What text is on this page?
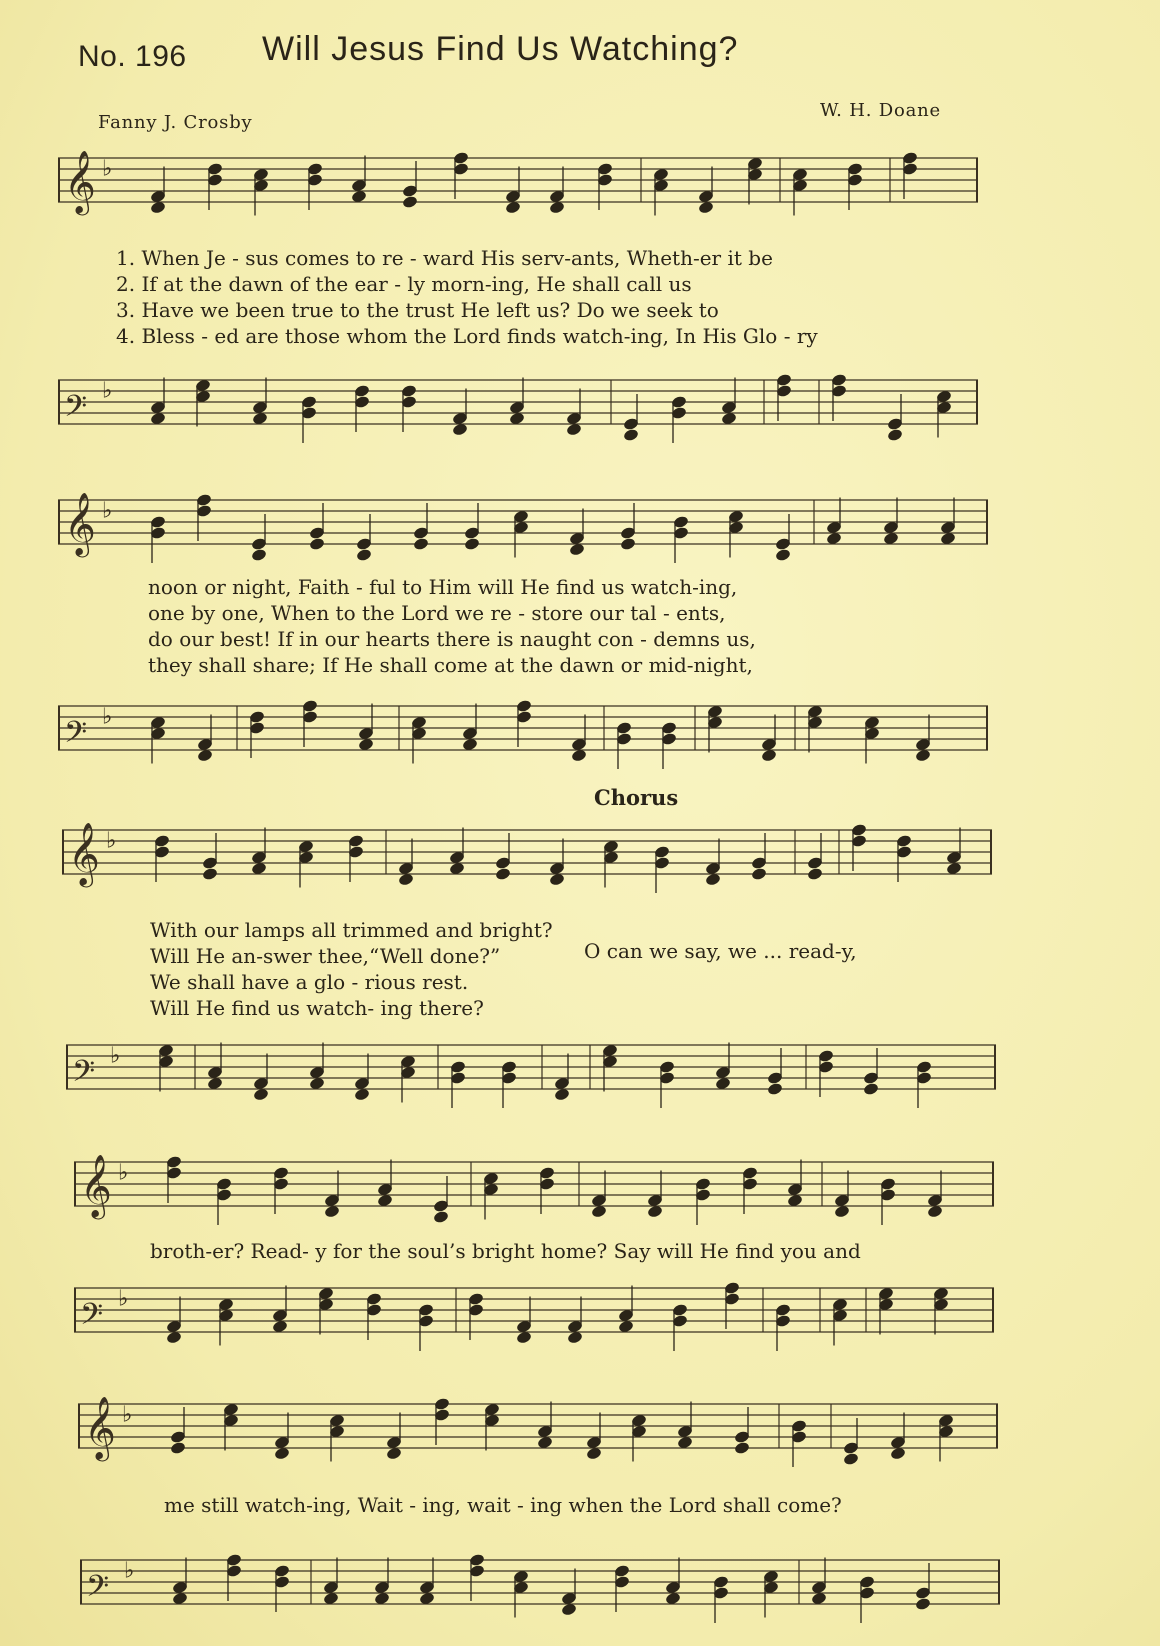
No. 196 Will Jesus Find Us Watching?
Fanny J. Crosby
W. H. Doane
𝄞 ♭
1. When Je - sus comes to re - ward His serv-ants, Wheth-er it be
2. If at the dawn of the ear - ly morn-ing, He shall call us
3. Have we been true to the trust He left us? Do we seek to
4. Bless - ed are those whom the Lord finds watch-ing, In His Glo - ry
𝄢 ♭
𝄞 ♭
noon or night, Faith - ful to Him will He find us watch-ing,
one by one, When to the Lord we re - store our tal - ents,
do our best! If in our hearts there is naught con - demns us,
they shall share; If He shall come at the dawn or mid-night,
𝄢 ♭
Chorus
𝄞 ♭
With our lamps all trimmed and bright?
Will He an-swer thee,“Well done?”
We shall have a glo - rious rest.
Will He find us watch- ing there?
O can we say, we ... read-y,
𝄢 ♭
𝄞 ♭
broth-er? Read- y for the soul’s bright home? Say will He find you and
𝄢 ♭
𝄞 ♭
me still watch-ing, Wait - ing, wait - ing when the Lord shall come?
𝄢 ♭
